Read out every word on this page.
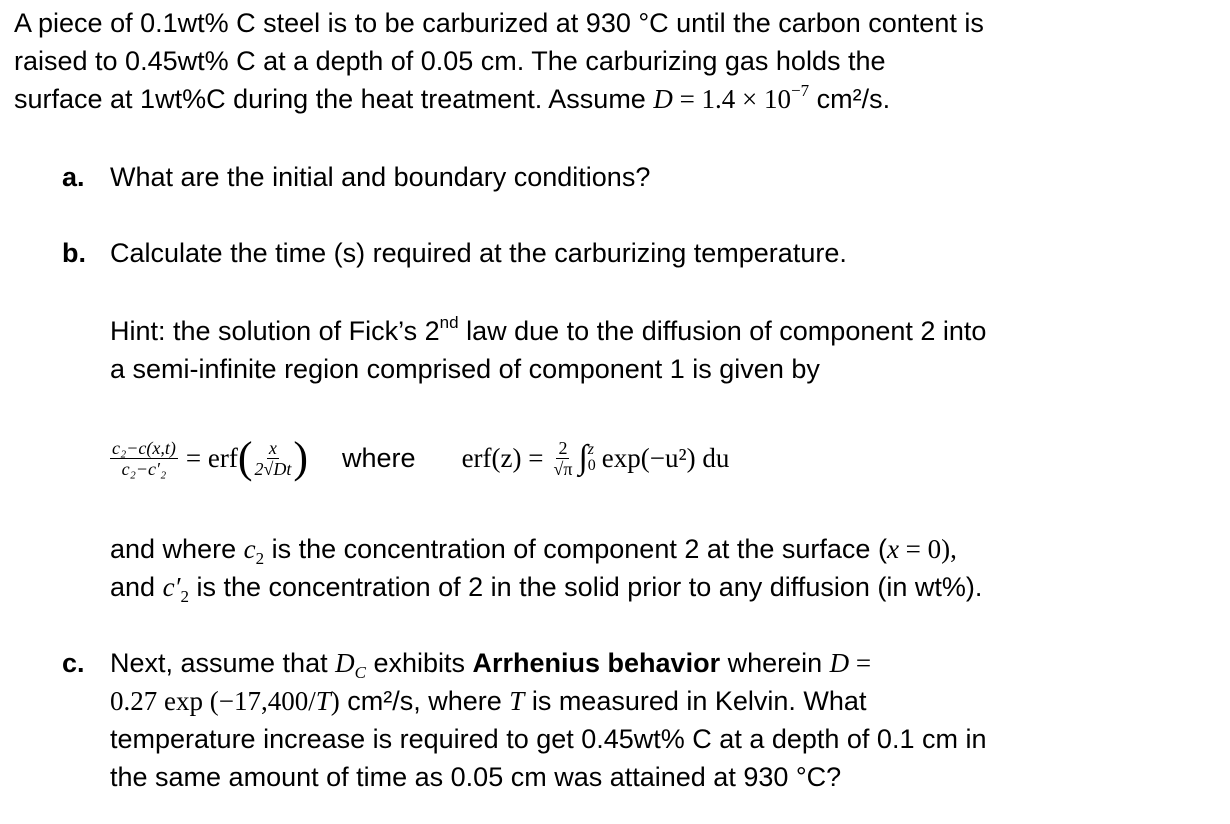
A piece of 0.1wt% C steel is to be carburized at 930 °C until the carbon content is
raised to 0.45wt% C at a depth of 0.05 cm. The carburizing gas holds the
surface at 1wt%C during the heat treatment. Assume $D = 1.4 \times 10^{-7}$ cm²/s.
a. What are the initial and boundary conditions?
b. Calculate the time (s) required at the carburizing temperature.
Hint: the solution of Fick’s 2nd law due to the diffusion of component 2 into
a semi-infinite region comprised of component 1 is given by
$\frac{\text{c₂−c(x,t)}}{\text{c₂−c′₂}}$ = erf ( $\frac{x}{2√Dt}$ ) where $erf(z) = \frac{2}{√\pi}$ ∫ z
0 exp(−u²) du
and where $c_2$ is the concentration of component 2 at the surface (x = 0),
and $c'_2$ is the concentration of 2 in the solid prior to any diffusion (in wt%).
c. Next, assume that $D_C$ exhibits Arrhenius behavior wherein D =
0.27 exp (−17,400/T) cm²/s, where T is measured in Kelvin. What
temperature increase is required to get 0.45wt% C at a depth of 0.1 cm in
the same amount of time as 0.05 cm was attained at 930 °C?
